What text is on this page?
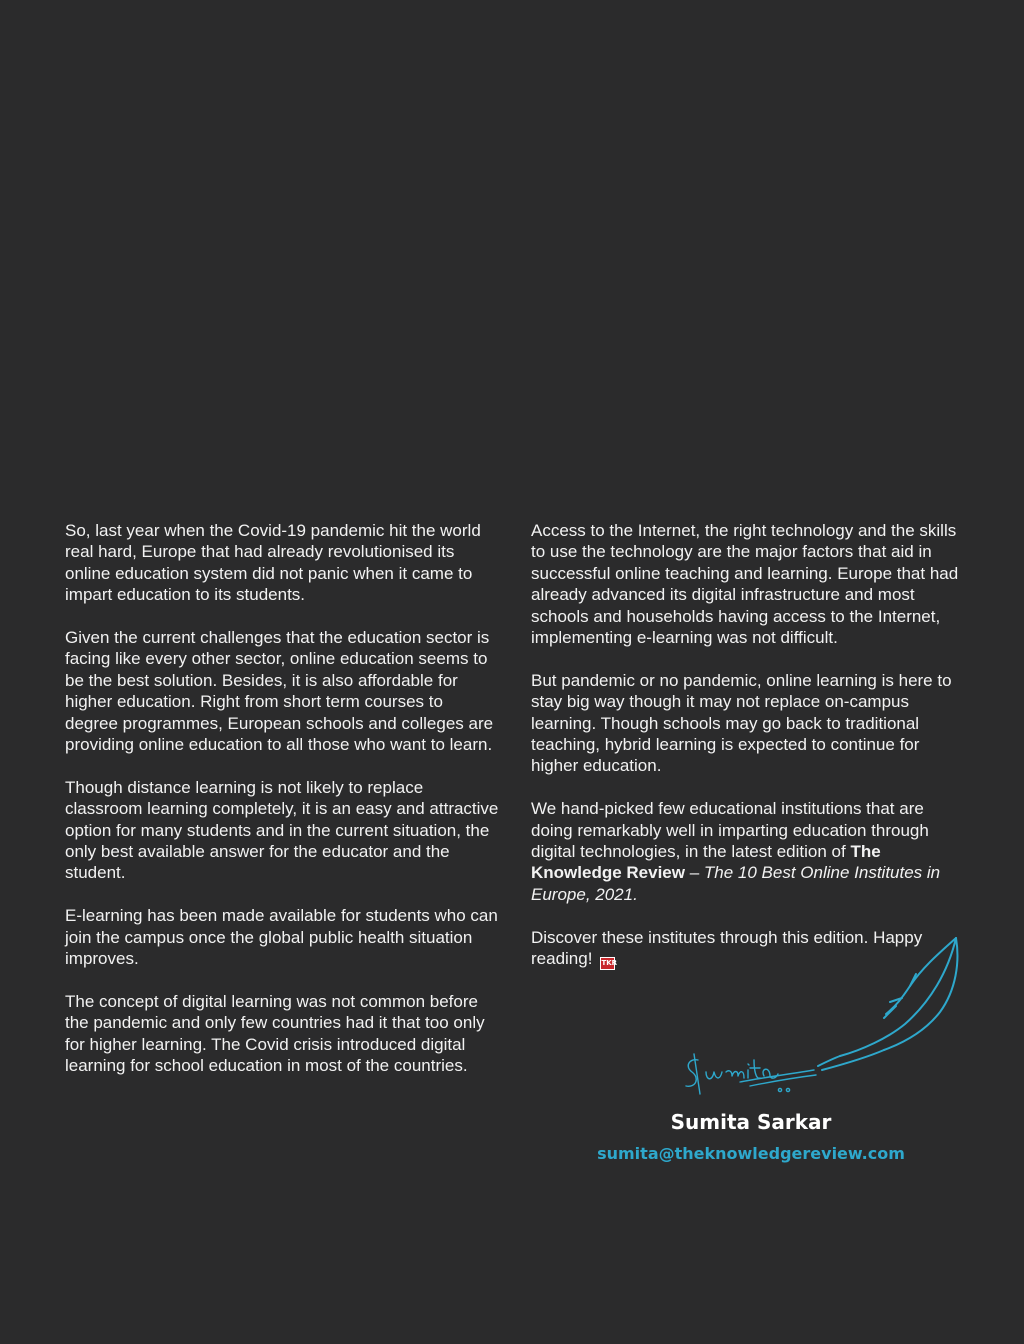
So, last year when the Covid-19 pandemic hit the world real hard, Europe that had already revolutionised its online education system did not panic when it came to impart education to its students.

Given the current challenges that the education sector is facing like every other sector, online education seems to be the best solution. Besides, it is also affordable for higher education. Right from short term courses to degree programmes, European schools and colleges are providing online education to all those who want to learn.

Though distance learning is not likely to replace classroom learning completely, it is an easy and attractive option for many students and in the current situation, the only best available answer for the educator and the student.

E-learning has been made available for students who can join the campus once the global public health situation improves.

The concept of digital learning was not common before the pandemic and only few countries had it that too only for higher learning. The Covid crisis introduced digital learning for school education in most of the countries.

Access to the Internet, the right technology and the skills to use the technology are the major factors that aid in successful online teaching and learning. Europe that had already advanced its digital infrastructure and most schools and households having access to the Internet, implementing e-learning was not difficult.

But pandemic or no pandemic, online learning is here to stay big way though it may not replace on-campus learning. Though schools may go back to traditional teaching, hybrid learning is expected to continue for higher education.

We hand-picked few educational institutions that are doing remarkably well in imparting education through digital technologies, in the latest edition of The Knowledge Review – The 10 Best Online Institutes in Europe, 2021.

Discover these institutes through this edition. Happy reading! TKR

Sumita Sarkar
sumita@theknowledgereview.com
